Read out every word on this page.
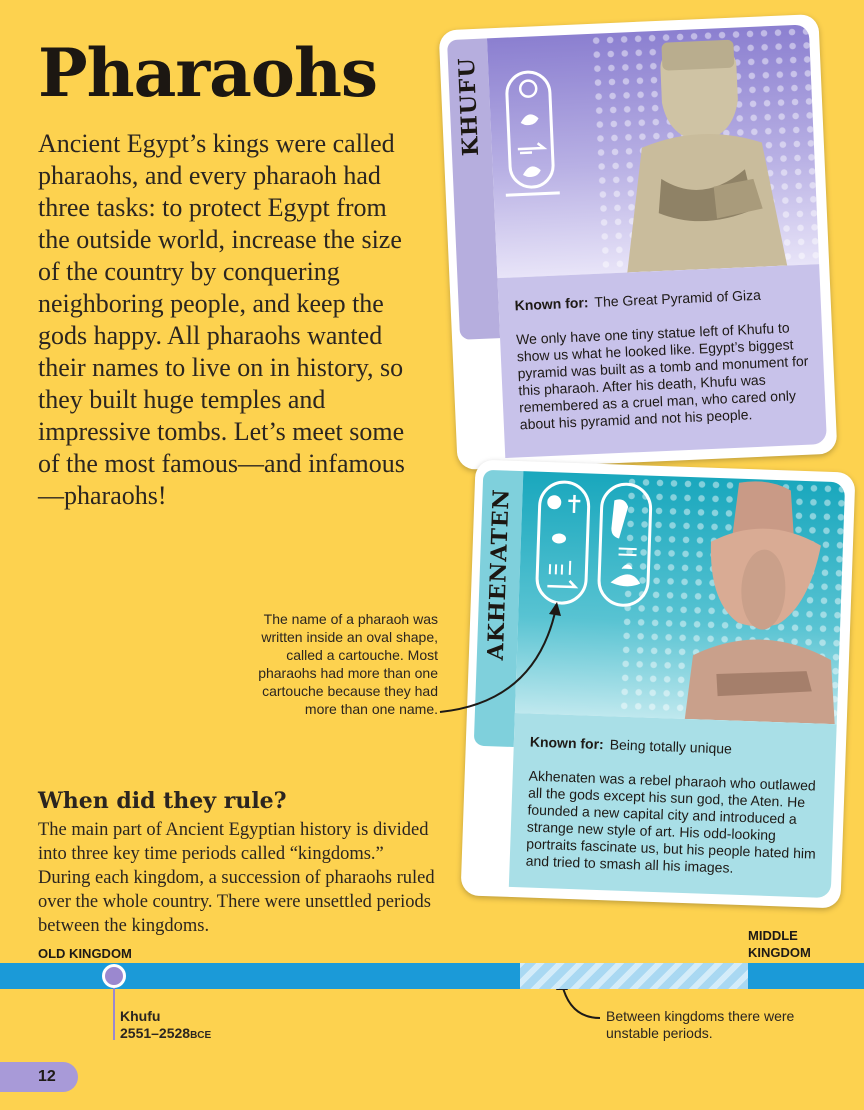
Pharaohs
Ancient Egypt’s kings were called pharaohs, and every pharaoh had three tasks: to protect Egypt from the outside world, increase the size of the country by conquering neighboring people, and keep the gods happy. All pharaohs wanted their names to live on in history, so they built huge temples and impressive tombs. Let’s meet some of the most famous—and infamous—pharaohs!
KHUFU
Known for: The Great Pyramid of Giza
We only have one tiny statue left of Khufu to show us what he looked like. Egypt’s biggest pyramid was built as a tomb and monument for this pharaoh. After his death, Khufu was remembered as a cruel man, who cared only about his pyramid and not his people.
AKHENATEN
Known for: Being totally unique
Akhenaten was a rebel pharaoh who outlawed all the gods except his sun god, the Aten. He founded a new capital city and introduced a strange new style of art. His odd-looking portraits fascinate us, but his people hated him and tried to smash all his images.
The name of a pharaoh was written inside an oval shape, called a cartouche. Most pharaohs had more than one cartouche because they had more than one name.
When did they rule?
The main part of Ancient Egyptian history is divided into three key time periods called “kingdoms.” During each kingdom, a succession of pharaohs ruled over the whole country. There were unsettled periods between the kingdoms.
OLD KINGDOM
MIDDLE
KINGDOM
Khufu
2551–2528BCE
Between kingdoms there were unstable periods.
12
